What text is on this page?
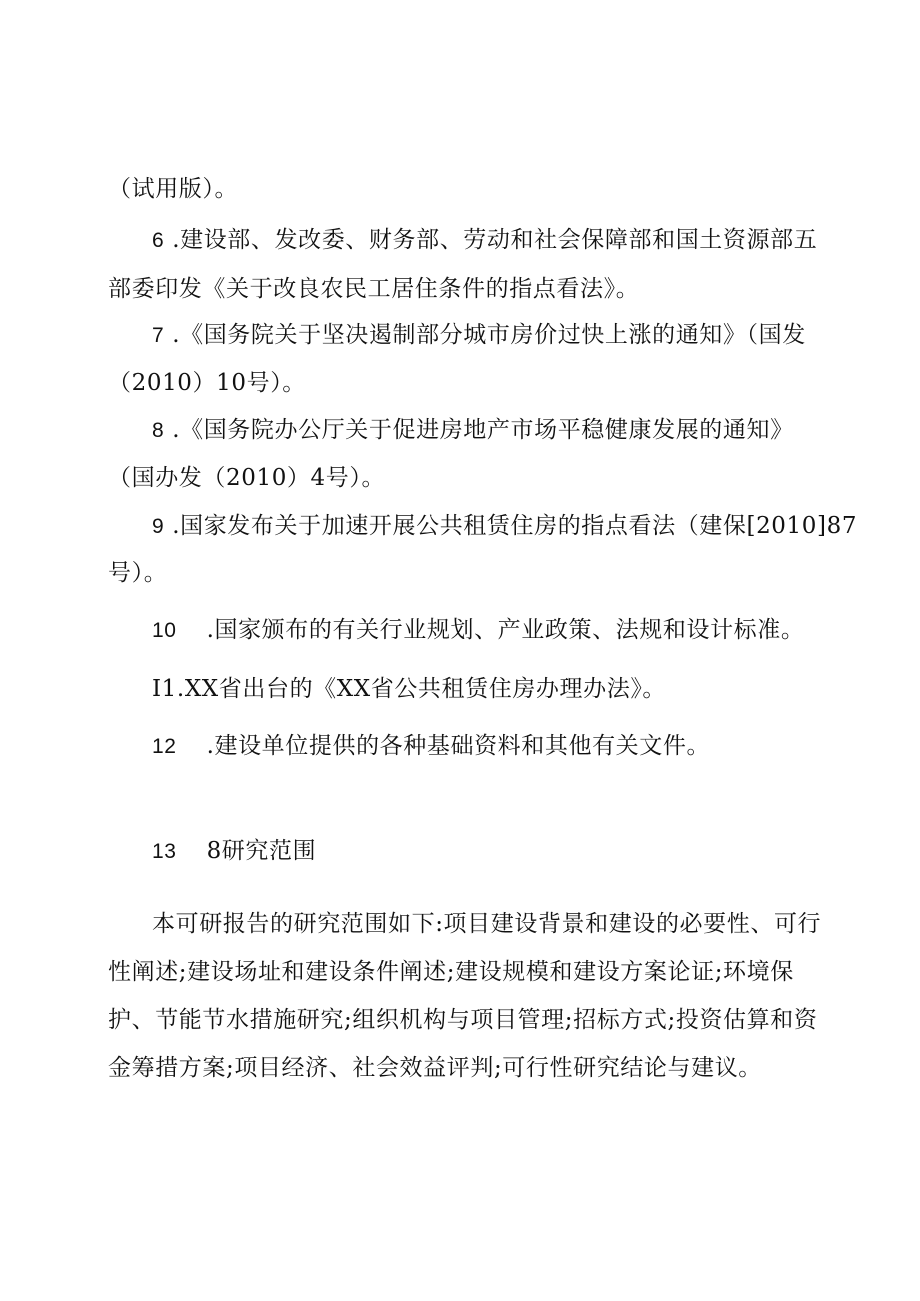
（试用版）。
6 .建设部、发改委、财务部、劳动和社会保障部和国土资源部五
部委印发《关于改良农民工居住条件的指点看法》。
7 .《国务院关于坚决遏制部分城市房价过快上涨的通知》（国发
（2010）10号）。
8 .《国务院办公厅关于促进房地产市场平稳健康发展的通知》
（国办发（2010）4号）。
9 .国家发布关于加速开展公共租赁住房的指点看法（建保[2010]87
号）。
10 .国家颁布的有关行业规划、产业政策、法规和设计标准。
I1.XX省出台的《XX省公共租赁住房办理办法》。
12 .建设单位提供的各种基础资料和其他有关文件。
13 8研究范围
本可研报告的研究范围如下:项目建设背景和建设的必要性、可行
性阐述;建设场址和建设条件阐述;建设规模和建设方案论证;环境保
护、节能节水措施研究;组织机构与项目管理;招标方式;投资估算和资
金筹措方案;项目经济、社会效益评判;可行性研究结论与建议。
